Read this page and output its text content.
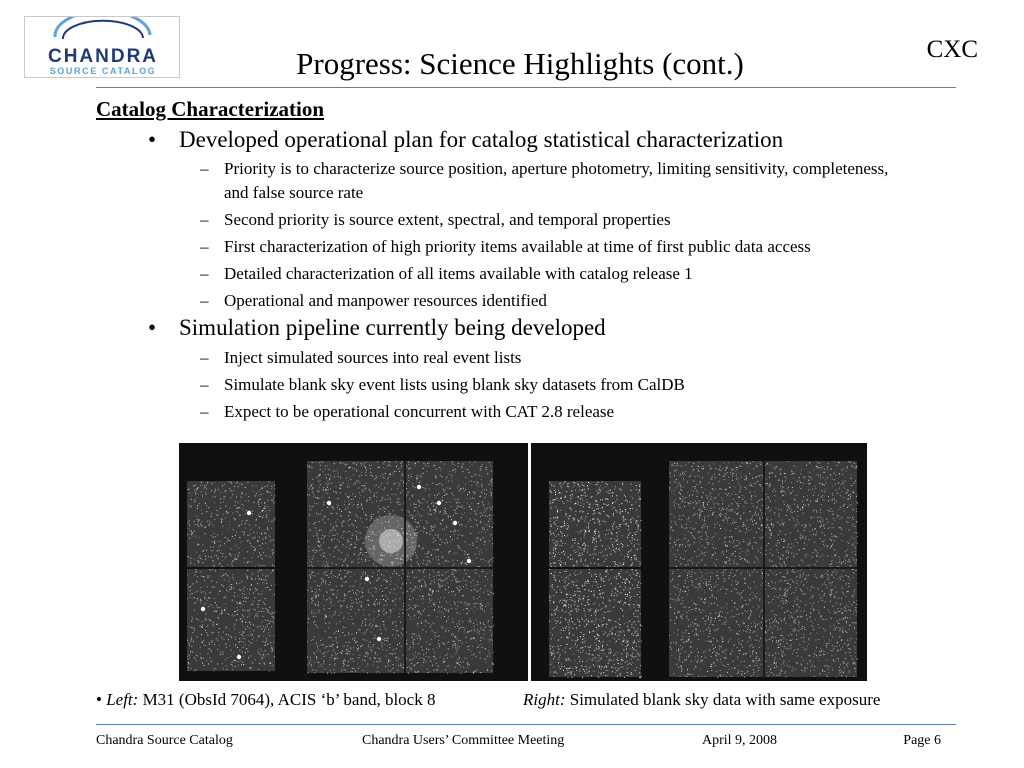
CHANDRA
SOURCE CATALOG	Progress: Science Highlights (cont.)	CXC
Catalog Characterization
• Developed operational plan for catalog statistical characterization
– Priority is to characterize source position, aperture photometry, limiting sensitivity, completeness, and false source rate
– Second priority is source extent, spectral, and temporal properties
– First characterization of high priority items available at time of first public data access
– Detailed characterization of all items available with catalog release 1
– Operational and manpower resources identified
• Simulation pipeline currently being developed
– Inject simulated sources into real event lists
– Simulate blank sky event lists using blank sky datasets from CalDB
– Expect to be operational concurrent with CAT 2.8 release
• Left: M31 (ObsId 7064), ACIS ‘b’ band, block 8	Right: Simulated blank sky data with same exposure
Chandra Source Catalog	Chandra Users’ Committee Meeting	April 9, 2008	Page 6
